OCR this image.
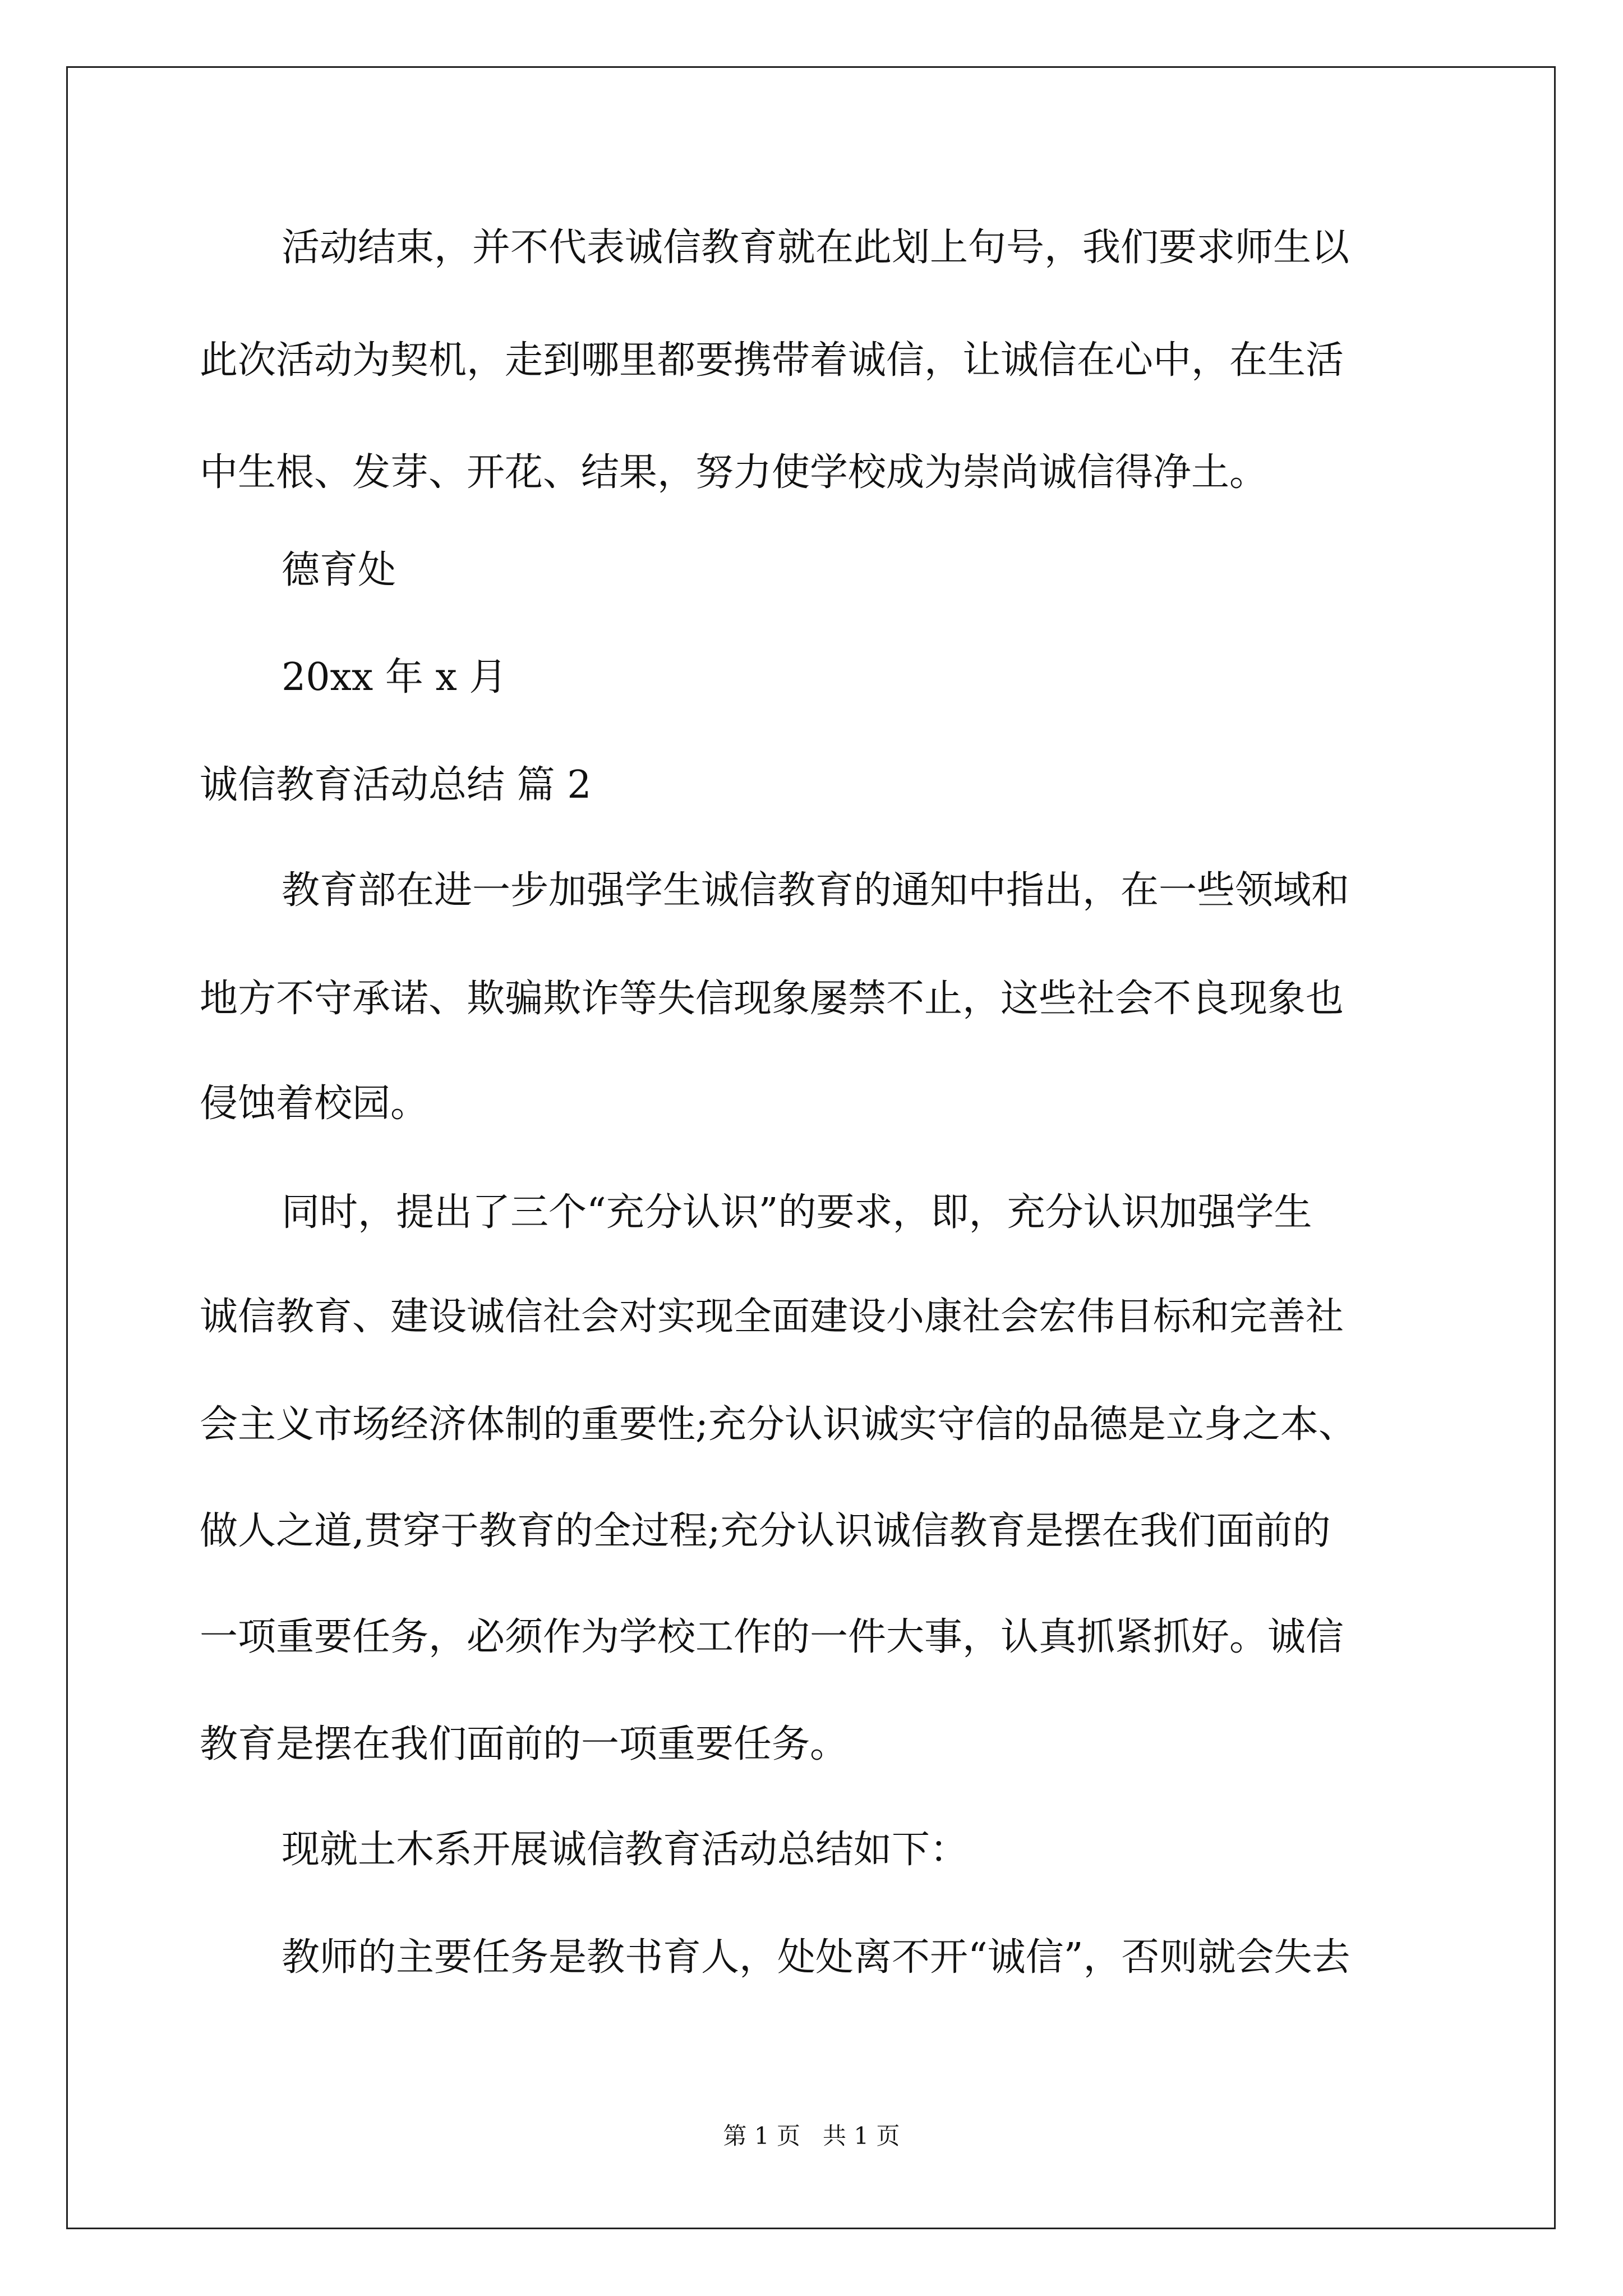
活动结束，并不代表诚信教育就在此划上句号，我们要求师生以
此次活动为契机，走到哪里都要携带着诚信，让诚信在心中，在生活
中生根、发芽、开花、结果，努力使学校成为崇尚诚信得净土。
德育处
20xx 年 x 月
诚信教育活动总结 篇 2
教育部在进一步加强学生诚信教育的通知中指出，在一些领域和
地方不守承诺、欺骗欺诈等失信现象屡禁不止，这些社会不良现象也
侵蚀着校园。
同时，提出了三个“充分认识”的要求，即，充分认识加强学生
诚信教育、建设诚信社会对实现全面建设小康社会宏伟目标和完善社
会主义市场经济体制的重要性;充分认识诚实守信的品德是立身之本、
做人之道,贯穿于教育的全过程;充分认识诚信教育是摆在我们面前的
一项重要任务，必须作为学校工作的一件大事，认真抓紧抓好。诚信
教育是摆在我们面前的一项重要任务。
现就土木系开展诚信教育活动总结如下：
教师的主要任务是教书育人，处处离不开“诚信”，否则就会失去
第 1 页   共 1 页
